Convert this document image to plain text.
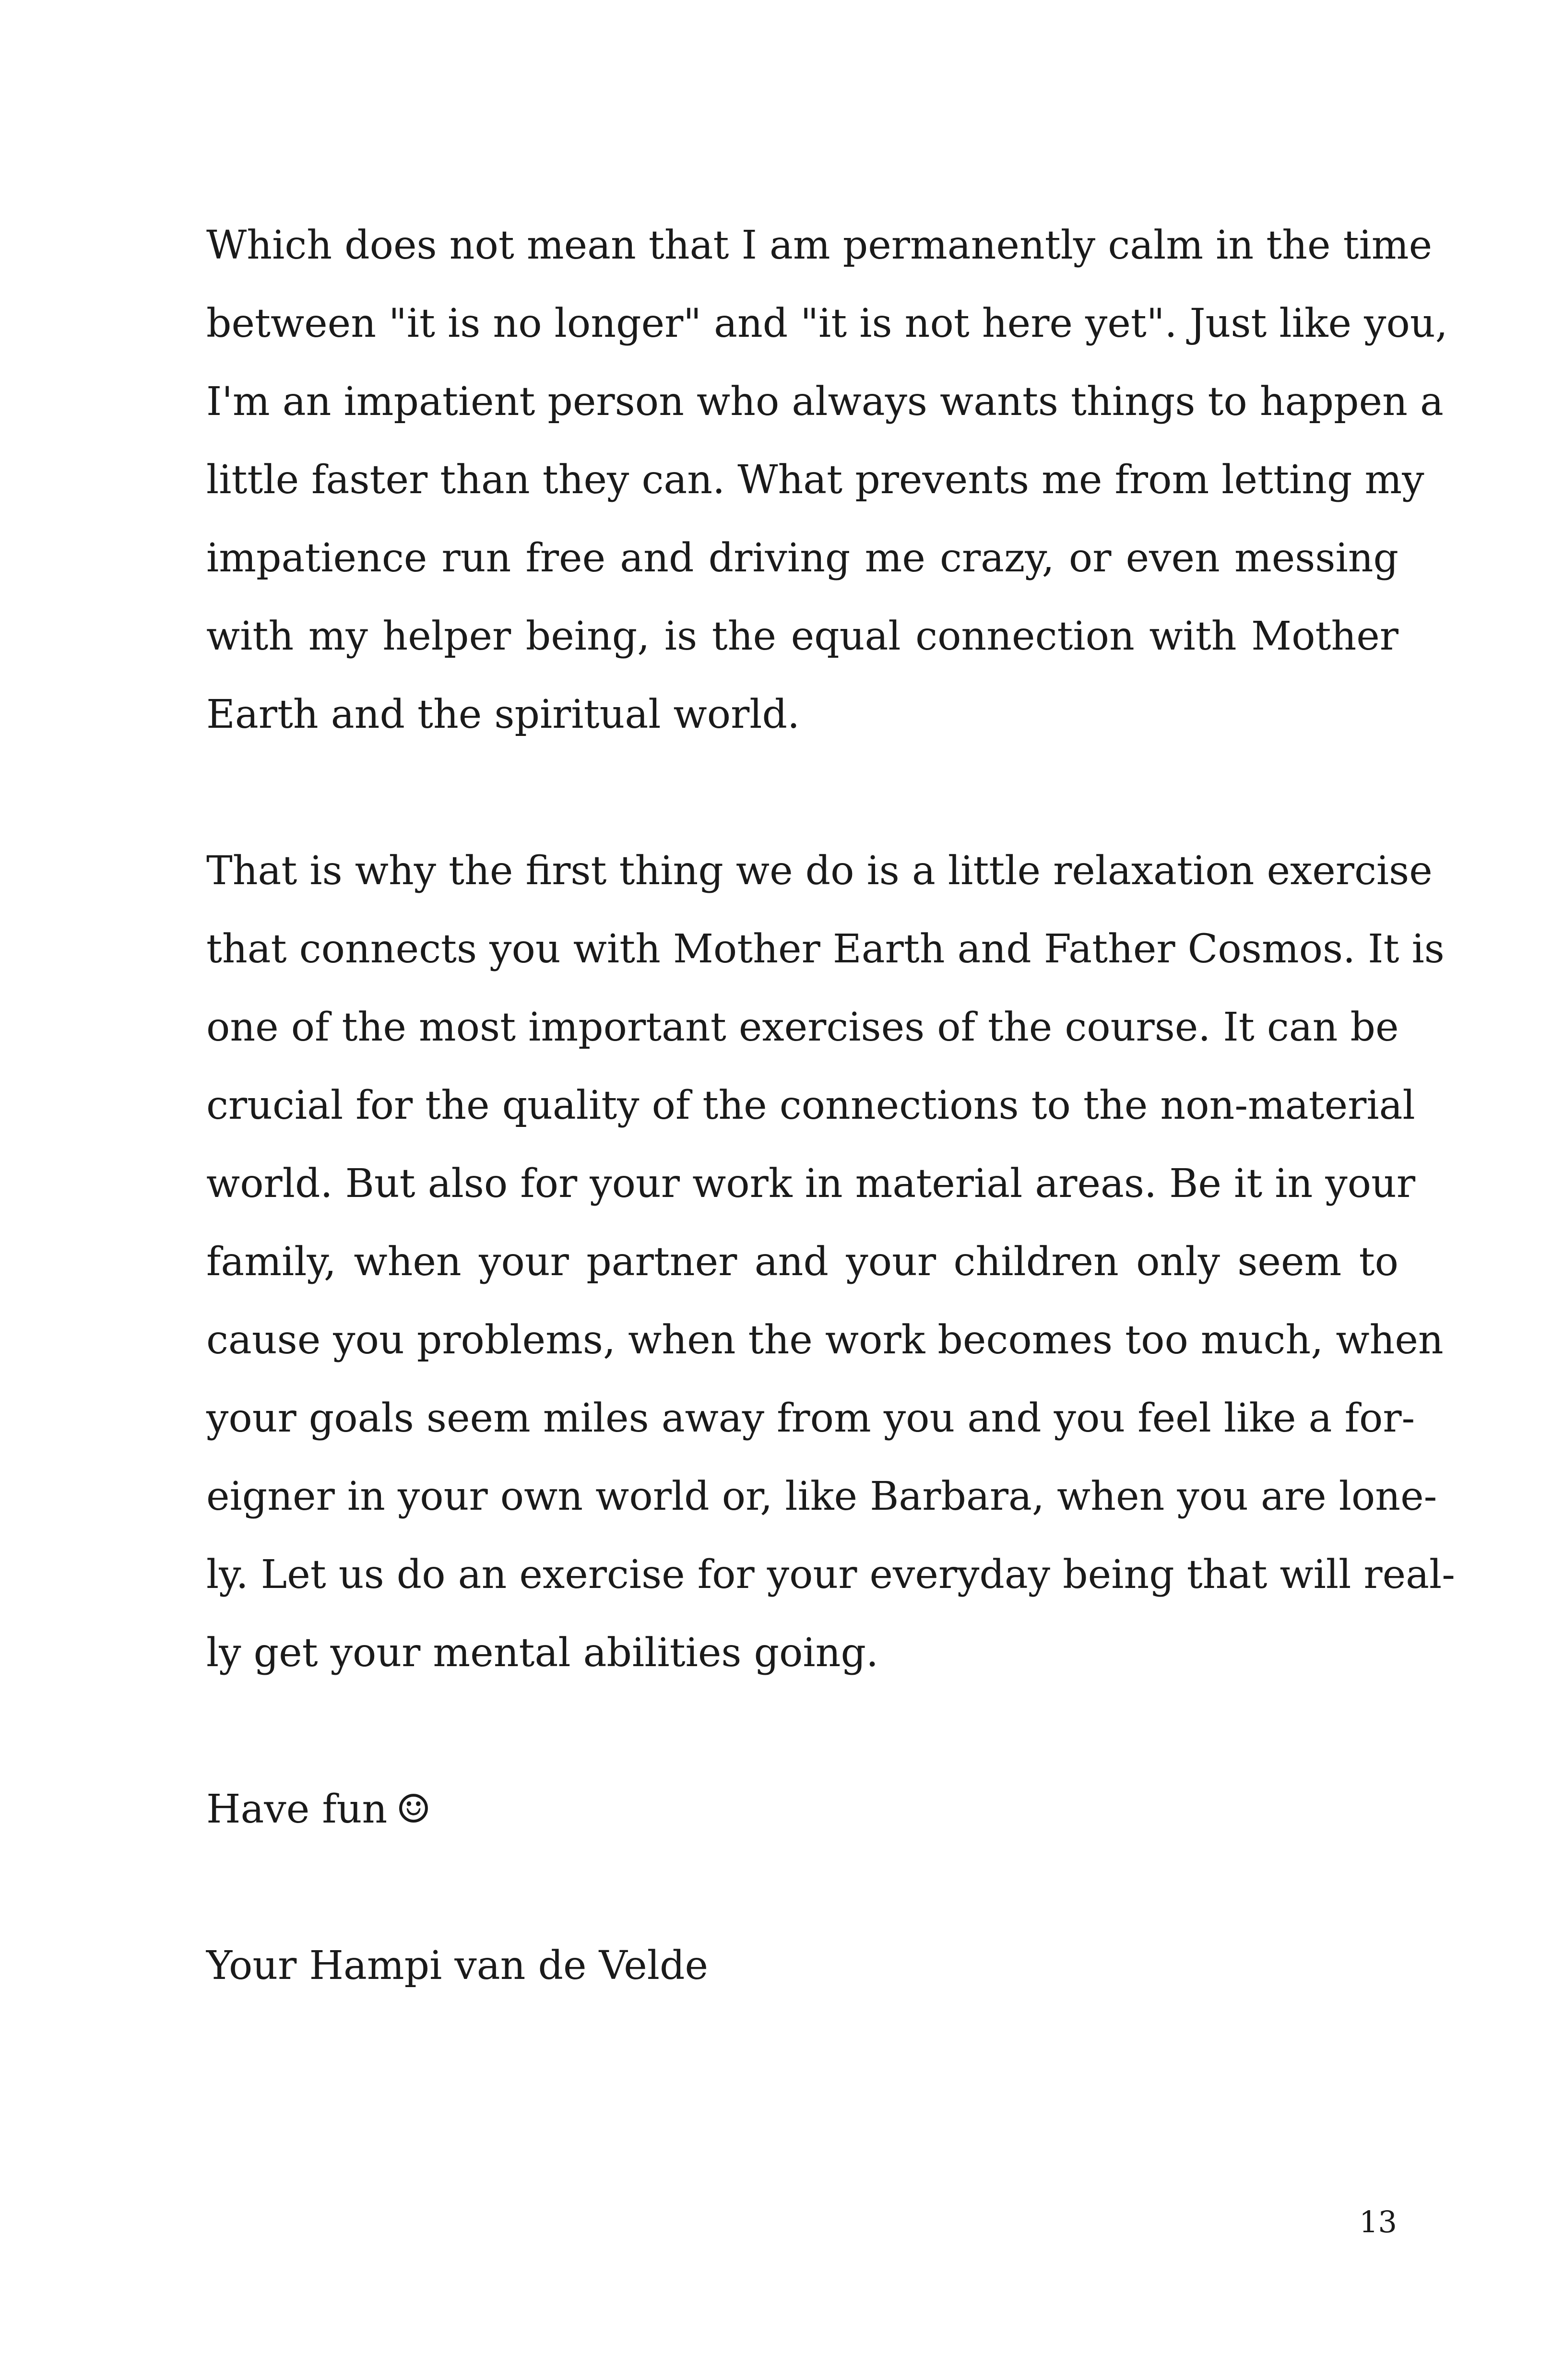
Which does not mean that I am permanently calm in the time
between "it is no longer" and "it is not here yet". Just like you,
I'm an impatient person who always wants things to happen a
little faster than they can. What prevents me from letting my
impatience run free and driving me crazy, or even messing
with my helper being, is the equal connection with Mother
Earth and the spiritual world.
That is why the first thing we do is a little relaxation exercise
that connects you with Mother Earth and Father Cosmos. It is
one of the most important exercises of the course. It can be
crucial for the quality of the connections to the non-material
world. But also for your work in material areas. Be it in your
family, when your partner and your children only seem to
cause you problems, when the work becomes too much, when
your goals seem miles away from you and you feel like a for-
eigner in your own world or, like Barbara, when you are lone-
ly. Let us do an exercise for your everyday being that will real-
ly get your mental abilities going.
Have fun ☺
Your Hampi van de Velde
13
